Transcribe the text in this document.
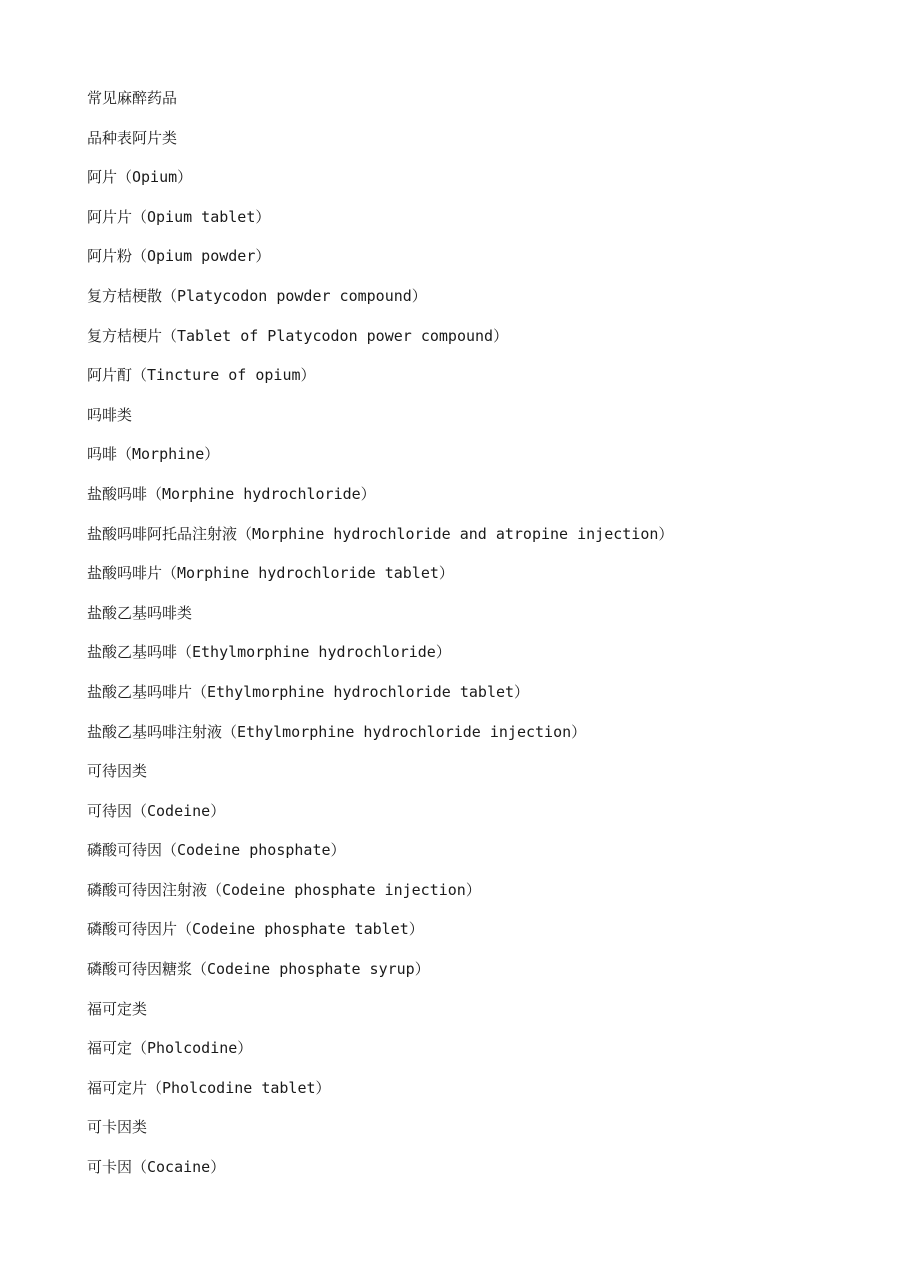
常见麻醉药品
品种表阿片类
阿片（Opium）
阿片片（Opium tablet）
阿片粉（Opium powder）
复方桔梗散（Platycodon powder compound）
复方桔梗片（Tablet of Platycodon power compound）
阿片酊（Tincture of opium）
吗啡类
吗啡（Morphine）
盐酸吗啡（Morphine hydrochloride）
盐酸吗啡阿托品注射液（Morphine hydrochloride and atropine injection）
盐酸吗啡片（Morphine hydrochloride tablet）
盐酸乙基吗啡类
盐酸乙基吗啡（Ethylmorphine hydrochloride）
盐酸乙基吗啡片（Ethylmorphine hydrochloride tablet）
盐酸乙基吗啡注射液（Ethylmorphine hydrochloride injection）
可待因类
可待因（Codeine）
磷酸可待因（Codeine phosphate）
磷酸可待因注射液（Codeine phosphate injection）
磷酸可待因片（Codeine phosphate tablet）
磷酸可待因糖浆（Codeine phosphate syrup）
福可定类
福可定（Pholcodine）
福可定片（Pholcodine tablet）
可卡因类
可卡因（Cocaine）
